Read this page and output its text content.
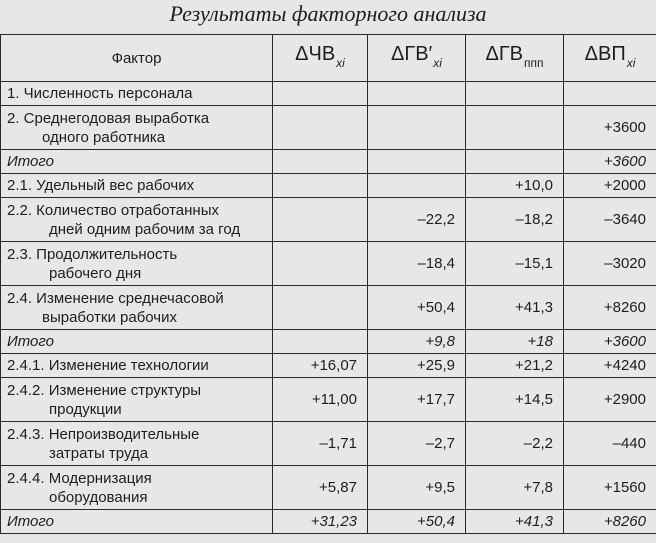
Результаты факторного анализа
Фактор	$\Delta ЧВ_{xi}$	$\Delta ГВ'_{xi}$	$\Delta ГВ_{ппп}$	$\Delta ВП_{xi}$

1. Численность персонала				

2. Среднегодовая выработка
одного работника				+3600

Итого				+3600

2.1. Удельный вес рабочих			+10,0	+2000

2.2. Количество отработанных
дней одним рабочим за год		–22,2	–18,2	–3640

2.3. Продолжительность
рабочего дня		–18,4	–15,1	–3020

2.4. Изменение среднечасовой
выработки рабочих		+50,4	+41,3	+8260

Итого		+9,8	+18	+3600

2.4.1. Изменение технологии	+16,07	+25,9	+21,2	+4240

2.4.2. Изменение структуры
продукции	+11,00	+17,7	+14,5	+2900

2.4.3. Непроизводительные
затраты труда	–1,71	–2,7	–2,2	–440

2.4.4. Модернизация
оборудования	+5,87	+9,5	+7,8	+1560

Итого	+31,23	+50,4	+41,3	+8260
